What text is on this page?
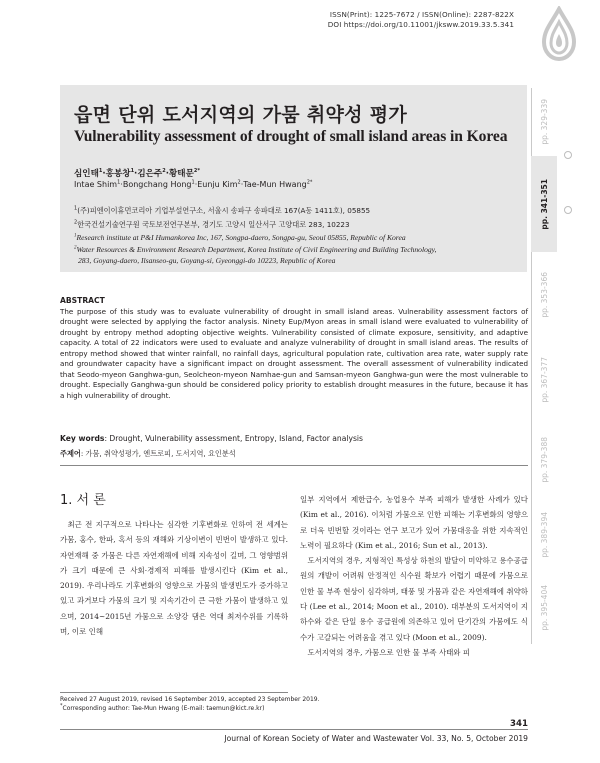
ISSN(Print): 1225-7672 / ISSN(Online): 2287-822X
DOI https://doi.org/10.11001/jksww.2019.33.5.341
읍면 단위 도서지역의 가뭄 취약성 평가
Vulnerability assessment of drought of small island areas in Korea
심인태$^1$·홍봉창$^1$·김은주$^2$·황태문$^{2*}$
Intae Shim$^1$·Bongchang Hong$^1$·Eunju Kim$^2$·Tae-Mun Hwang$^{2*}$
$^1$(주)피엔이이휴먼코리아 기업부설연구소, 서울시 송파구 송파대로 167(A동 1411호), 05855
$^2$한국건설기술연구원 국토보전연구본부, 경기도 고양시 일산서구 고양대로 283, 10223
$^1$Research institute at P&I Humankorea Inc, 167, Songpa-daero, Songpa-gu, Seoul 05855, Republic of Korea
$^2$Water Resources & Environment Research Department, Korea Institute of Civil Engineering and Building Technology,
283, Goyang-daero, Ilsanseo-gu, Goyang-si, Gyeonggi-do 10223, Republic of Korea
pp. 329-339
pp. 341-351
pp. 353-366
pp. 367-377
pp. 379-388
pp. 389-394
pp. 395-404
ABSTRACT
The purpose of this study was to evaluate vulnerability of drought in small island areas. Vulnerability assessment factors of drought were selected by applying the factor analysis. Ninety Eup/Myon areas in small island were evaluated to vulnerability of drought by entropy method adopting objective weights. Vulnerability consisted of climate exposure, sensitivity, and adaptive capacity. A total of 22 indicators were used to evaluate and analyze vulnerability of drought in small island areas. The results of entropy method showed that winter rainfall, no rainfall days, agricultural population rate, cultivation area rate, water supply rate and groundwater capacity have a significant impact on drought assessment. The overall assessment of vulnerability indicated that Seodo-myeon Ganghwa-gun, Seolcheon-myeon Namhae-gun and Samsan-myeon Ganghwa-gun were the most vulnerable to drought. Especially Ganghwa-gun should be considered policy priority to establish drought measures in the future, because it has a high vulnerability of drought.
Key words: Drought, Vulnerability assessment, Entropy, Island, Factor analysis
주제어: 가뭄, 취약성평가, 엔트로피, 도서지역, 요인분석
1. 서 론

최근 전 지구적으로 나타나는 심각한 기후변화로 인하여 전 세계는 가뭄, 홍수, 한파, 혹서 등의 재해와 기상이변이 빈번이 발생하고 있다. 자연재해 중 가뭄은 다른 자연재해에 비해 지속성이 길며, 그 영향범위가 크기 때문에 큰 사회·경제적 피해를 발생시킨다 (Kim et al., 2019). 우리나라도 기후변화의 영향으로 가뭄의 발생빈도가 증가하고 있고 과거보다 가뭄의 크기 및 지속기간이 큰 극한 가뭄이 발생하고 있으며, 2014~2015년 가뭄으로 소양강 댐은 역대 최저수위를 기록하며, 이로 인해

일부 지역에서 제한급수, 농업용수 부족 피해가 발생한 사례가 있다 (Kim et al., 2016). 이처럼 가뭄으로 인한 피해는 기후변화의 영향으로 더욱 빈번할 것이라는 연구 보고가 있어 가뭄대응을 위한 지속적인 노력이 필요하다 (Kim et al., 2016; Sun et al., 2013).

도서지역의 경우, 지형적인 특성상 하천의 발달이 미약하고 용수공급원의 개발이 어려워 안정적인 식수원 확보가 어렵기 때문에 가뭄으로 인한 물 부족 현상이 심각하며, 태풍 및 가뭄과 같은 자연재해에 취약하다 (Lee et al., 2014; Moon et al., 2010). 대부분의 도서지역이 지하수와 같은 단일 용수 공급원에 의존하고 있어 단기간의 가뭄에도 식수가 고갈되는 어려움을 겪고 있다 (Moon et al., 2009).

도서지역의 경우, 가뭄으로 인한 물 부족 사태와 피

Received 27 August 2019, revised 16 September 2019, accepted 23 September 2019.
*Corresponding author: Tae-Mun Hwang (E-mail: taemun@kict.re.kr)
341
Journal of Korean Society of Water and Wastewater Vol. 33, No. 5, October 2019
